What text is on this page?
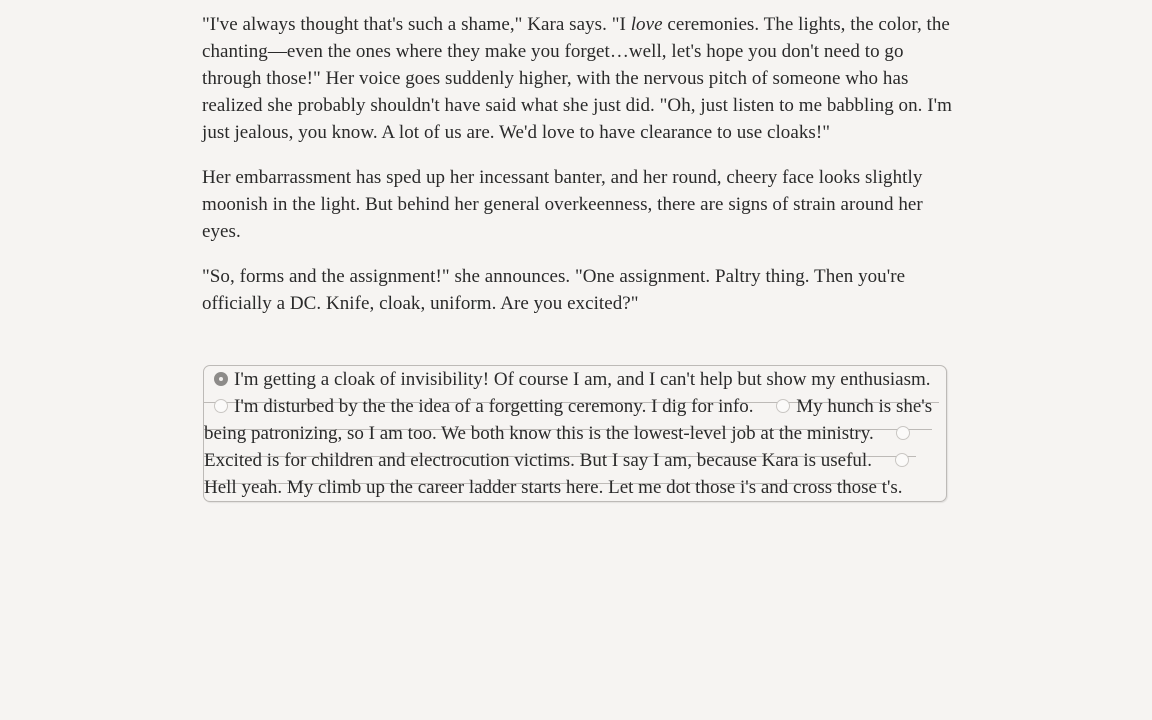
"I've always thought that's such a shame," Kara says. "I love ceremonies. The lights, the color, the chanting—even the ones where they make you forget…well, let's hope you don't need to go through those!" Her voice goes suddenly higher, with the nervous pitch of someone who has realized she probably shouldn't have said what she just did. "Oh, just listen to me babbling on. I'm just jealous, you know. A lot of us are. We'd love to have clearance to use cloaks!"

Her embarrassment has sped up her incessant banter, and her round, cheery face looks slightly moonish in the light. But behind her general overkeenness, there are signs of strain around her eyes.

"So, forms and the assignment!" she announces. "One assignment. Paltry thing. Then you're officially a DC. Knife, cloak, uniform. Are you excited?"

I'm getting a cloak of invisibility! Of course I am, and I can't help but show my enthusiasm. I'm disturbed by the the idea of a forgetting ceremony. I dig for info. My hunch is she's being patronizing, so I am too. We both know this is the lowest-level job at the ministry. Excited is for children and electrocution victims. But I say I am, because Kara is useful. Hell yeah. My climb up the career ladder starts here. Let me dot those i's and cross those t's.
